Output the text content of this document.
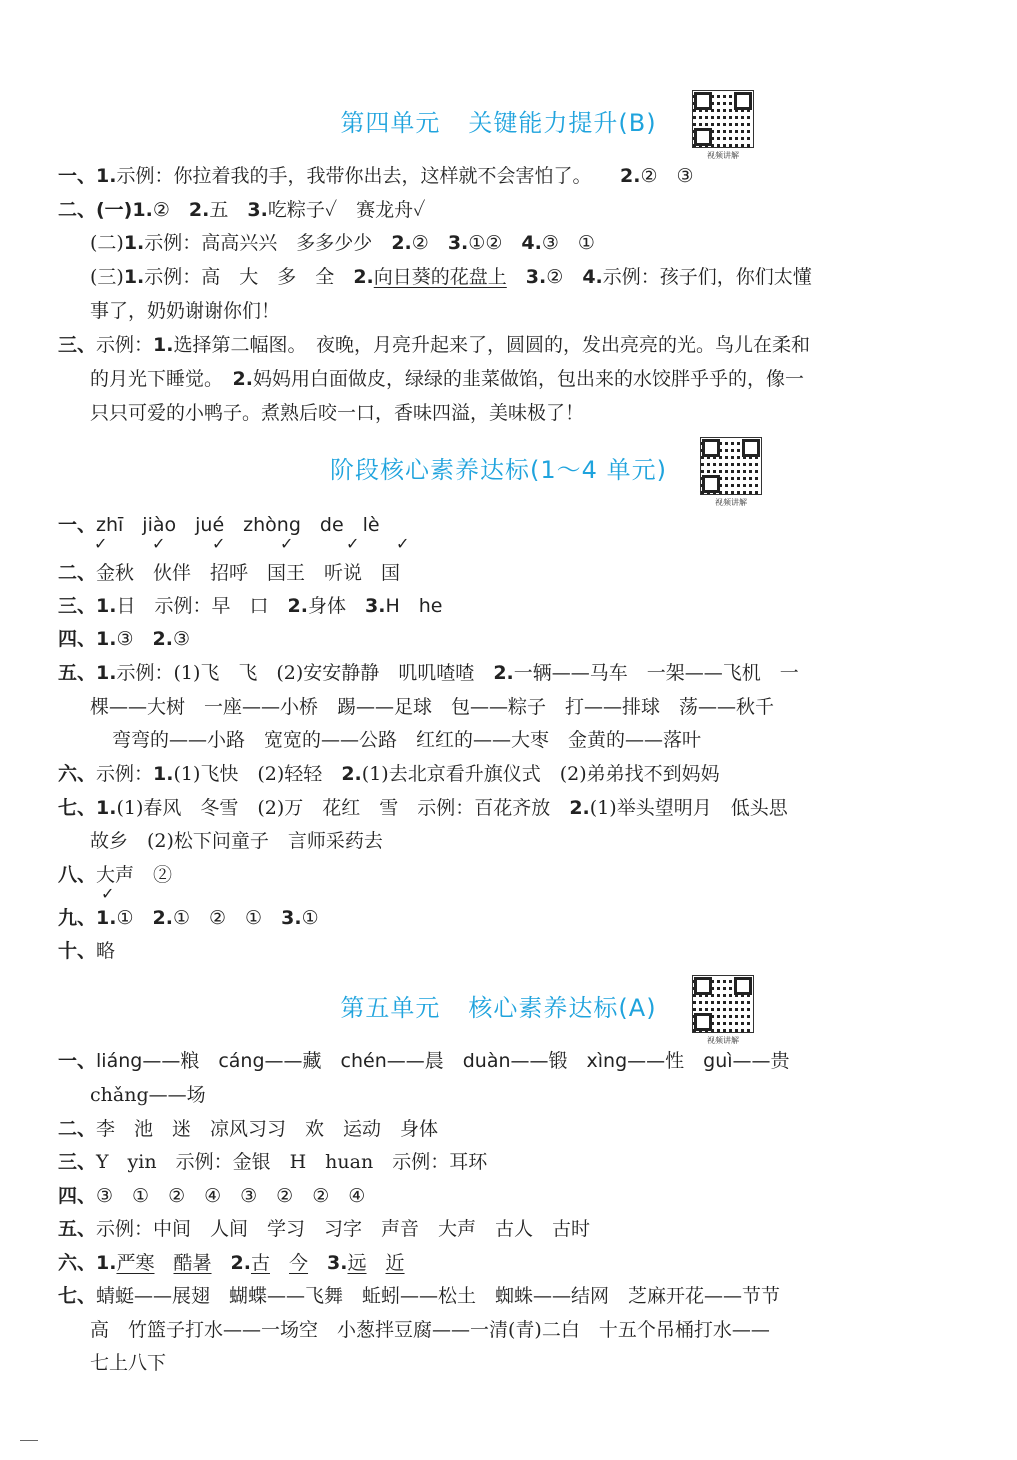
第四单元 关键能力提升(B)
视频讲解
一、1.示例：你拉着我的手，我带你出去，这样就不会害怕了。　　 2.②　③
二、(一)1.②　 2.五　 3.吃粽子✓　赛龙舟✓
(二)1.示例：高高兴兴　多多少少　 2.②　 3.①②　 4.③　①
(三)1.示例：高　大　多　全　 2.向日葵的花盘上　 3.②　 4.示例：孩子们，你们太懂
事了，奶奶谢谢你们！
三、示例：1.选择第二幅图。　夜晚，月亮升起来了，圆圆的，发出亮亮的光。鸟儿在柔和
的月光下睡觉。　 2.妈妈用白面做皮，绿绿的韭菜做馅，包出来的水饺胖乎乎的，像一
只只可爱的小鸭子。煮熟后咬一口，香味四溢，美味极了！
阶段核心素养达标(1～4 单元)
视频讲解
一、zhī　jiào　jué　zhòng　de　lè
✓	✓	✓	✓	✓ ✓
二、金秋　伙伴　招呼　国王　听说　国
三、1.日　示例：早　口　 2.身体　 3.H　he
四、1.③　 2.③
五、1.示例：(1)飞　飞　(2)安安静静　叽叽喳喳　 2.一辆——马车　一架——飞机　一
棵——大树　一座——小桥　踢——足球　包——粽子　打——排球　荡——秋千
弯弯的——小路　宽宽的——公路　红红的——大枣　金黄的——落叶
六、示例：1.(1)飞快　(2)轻轻　 2.(1)去北京看升旗仪式　(2)弟弟找不到妈妈
七、1.(1)春风　冬雪　(2)万　花红　雪　示例：百花齐放　 2.(1)举头望明月　低头思
故乡　(2)松下问童子　言师采药去
八、大声　②
✓
九、1.①　 2.①　②　①　 3.①
十、略
第五单元 核心素养达标(A)
视频讲解
一、liáng——粮　cáng——藏　chén——晨　duàn——锻　xìng——性　guì——贵
chǎng——场
二、李　池　迷　凉风习习　欢　运动　身体
三、Y　yin　示例：金银　H　huan　示例：耳环
四、③　①　②　④　③　②　②　④
五、示例：中间　人间　学习　习字　声音　大声　古人　古时
六、1.严寒　 酷暑　 2.古　 今　 3.远　 近
七、蜻蜓——展翅　蝴蝶——飞舞　蚯蚓——松土　蜘蛛——结网　芝麻开花——节节
高　竹篮子打水——一场空　小葱拌豆腐——一清(青)二白　十五个吊桶打水——
七上八下
